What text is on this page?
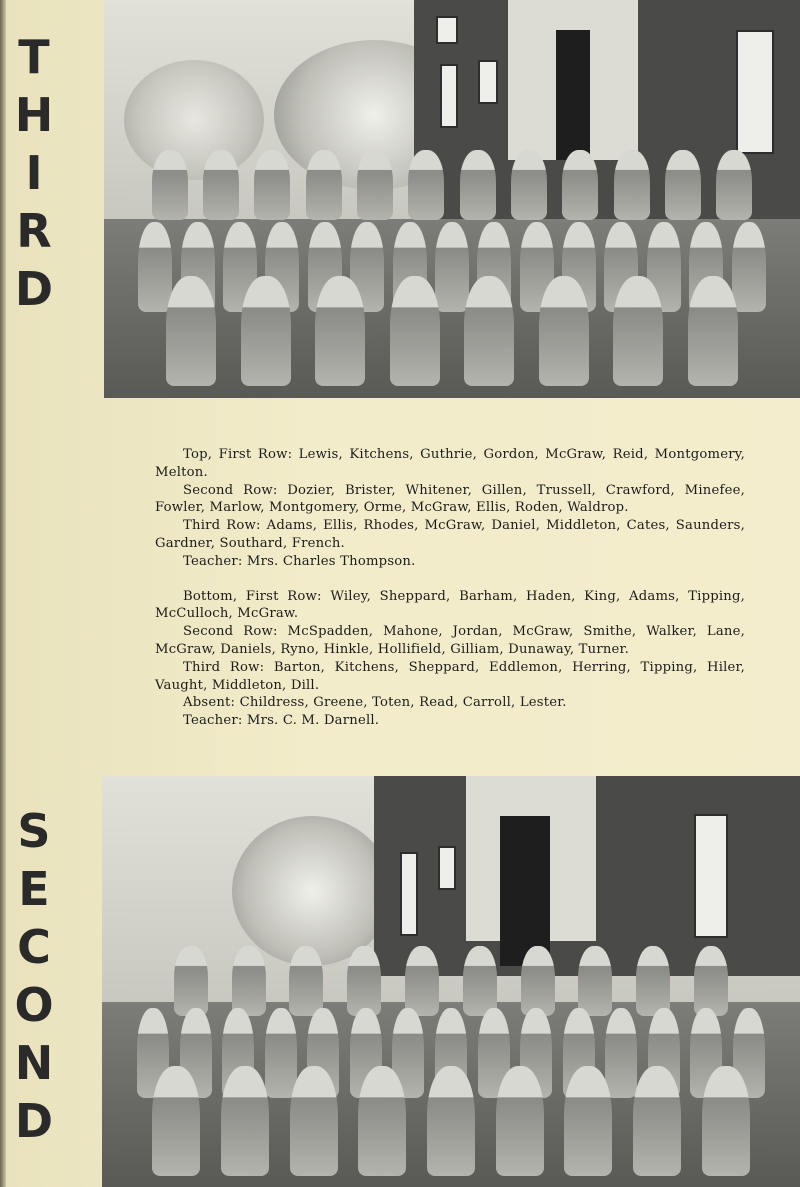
T
H
I
R
D

Top, First Row: Lewis, Kitchens, Guthrie, Gordon, McGraw, Reid, Montgomery, Melton.

Second Row: Dozier, Brister, Whitener, Gillen, Trussell, Crawford, Minefee, Fowler, Marlow, Montgomery, Orme, McGraw, Ellis, Roden, Waldrop.

Third Row: Adams, Ellis, Rhodes, McGraw, Daniel, Middleton, Cates, Saunders, Gardner, Southard, French.

Teacher: Mrs. Charles Thompson.

Bottom, First Row: Wiley, Sheppard, Barham, Haden, King, Adams, Tipping, McCulloch, McGraw.

Second Row: McSpadden, Mahone, Jordan, McGraw, Smithe, Walker, Lane, McGraw, Daniels, Ryno, Hinkle, Hollifield, Gilliam, Dunaway, Turner.

Third Row: Barton, Kitchens, Sheppard, Eddlemon, Herring, Tipping, Hiler, Vaught, Middleton, Dill.

Absent: Childress, Greene, Toten, Read, Carroll, Lester.

Teacher: Mrs. C. M. Darnell.

S
E
C
O
N
D
